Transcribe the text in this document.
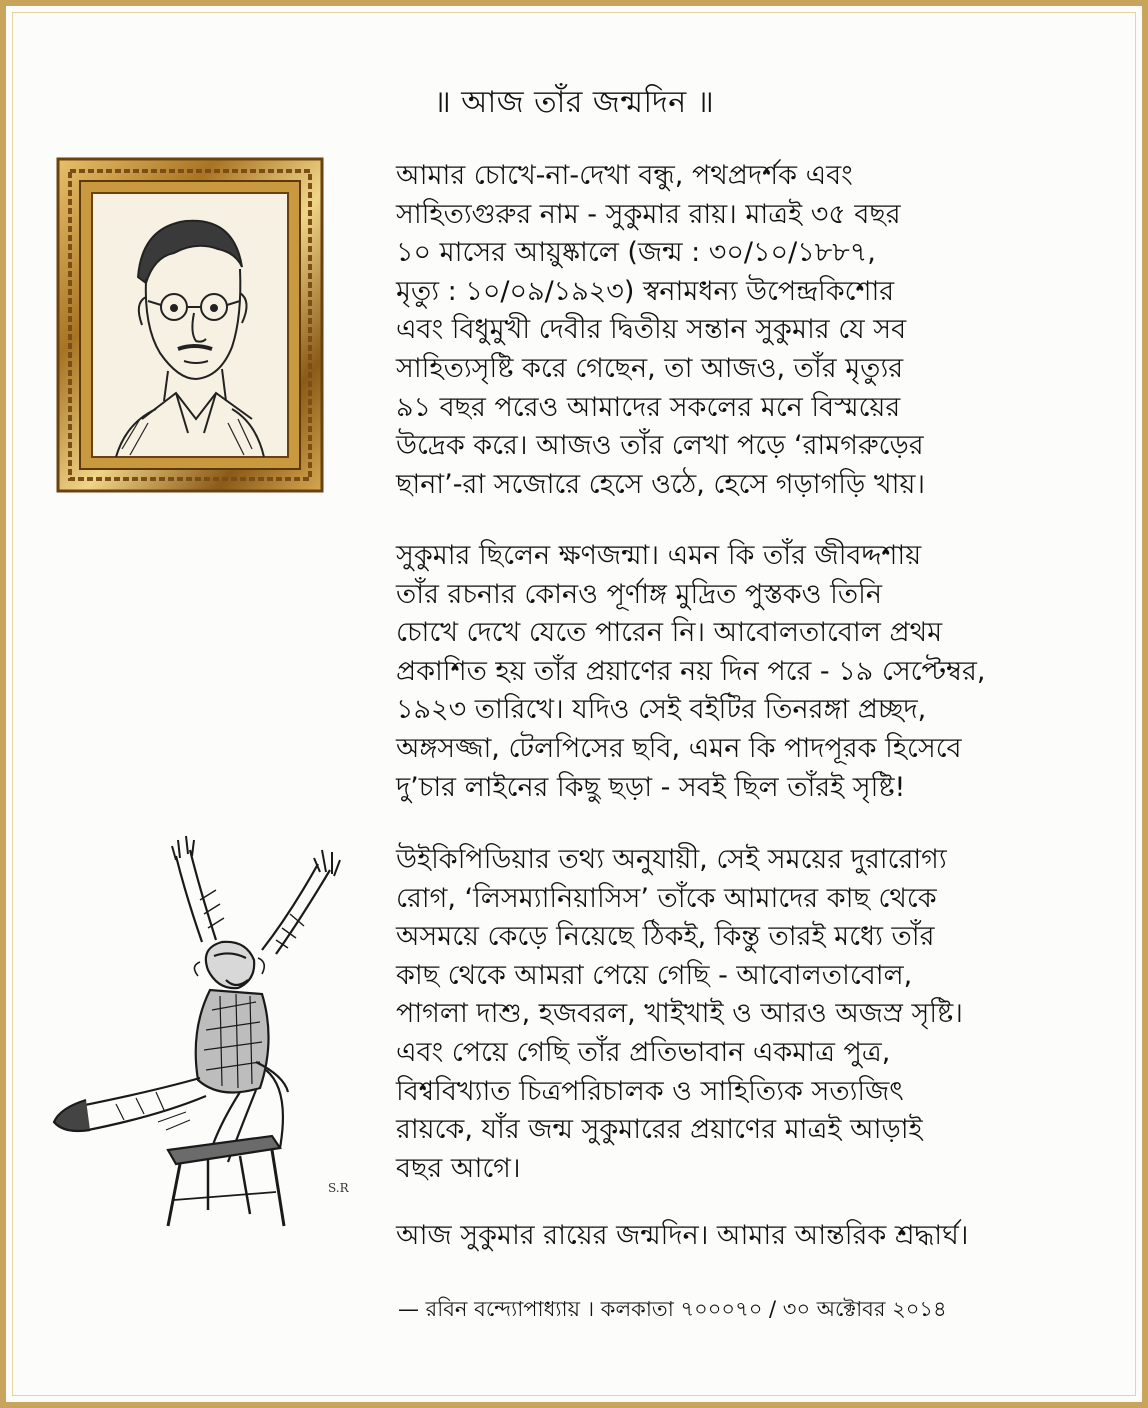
॥ আজ তাঁর জন্মদিন ॥
S.R
আমার চোখে-না-দেখা বন্ধু, পথপ্রদর্শক এবং
সাহিত্যগুরুর নাম - সুকুমার রায়। মাত্রই ৩৫ বছর
১০ মাসের আয়ুষ্কালে (জন্ম : ৩০/১০/১৮৮৭,
মৃত্যু : ১০/০৯/১৯২৩) স্বনামধন্য উপেন্দ্রকিশোর
এবং বিধুমুখী দেবীর দ্বিতীয় সন্তান সুকুমার যে সব
সাহিত্যসৃষ্টি করে গেছেন, তা আজও, তাঁর মৃত্যুর
৯১ বছর পরেও আমাদের সকলের মনে বিস্ময়ের
উদ্রেক করে। আজও তাঁর লেখা পড়ে ‘রামগরুড়ের
ছানা’-রা সজোরে হেসে ওঠে, হেসে গড়াগড়ি খায়।
সুকুমার ছিলেন ক্ষণজন্মা। এমন কি তাঁর জীবদ্দশায়
তাঁর রচনার কোনও পূর্ণাঙ্গ মুদ্রিত পুস্তকও তিনি
চোখে দেখে যেতে পারেন নি। আবোলতাবোল প্রথম
প্রকাশিত হয় তাঁর প্রয়াণের নয় দিন পরে - ১৯ সেপ্টেম্বর,
১৯২৩ তারিখে। যদিও সেই বইটির তিনরঙ্গা প্রচ্ছদ,
অঙ্গসজ্জা, টেলপিসের ছবি, এমন কি পাদপূরক হিসেবে
দু’চার লাইনের কিছু ছড়া - সবই ছিল তাঁরই সৃষ্টি!
উইকিপিডিয়ার তথ্য অনুযায়ী, সেই সময়ের দুরারোগ্য
রোগ, ‘লিসম্যানিয়াসিস’ তাঁকে আমাদের কাছ থেকে
অসময়ে কেড়ে নিয়েছে ঠিকই, কিন্তু তারই মধ্যে তাঁর
কাছ থেকে আমরা পেয়ে গেছি - আবোলতাবোল,
পাগলা দাশু, হজবরল, খাইখাই ও আরও অজস্র সৃষ্টি।
এবং পেয়ে গেছি তাঁর প্রতিভাবান একমাত্র পুত্র,
বিশ্ববিখ্যাত চিত্রপরিচালক ও সাহিত্যিক সত্যজিৎ
রায়কে, যাঁর জন্ম সুকুমারের প্রয়াণের মাত্রই আড়াই
বছর আগে।
আজ সুকুমার রায়ের জন্মদিন। আমার আন্তরিক শ্রদ্ধার্ঘ।
— রবিন বন্দ্যোপাধ্যায় । কলকাতা ৭০০০৭০ / ৩০ অক্টোবর ২০১৪
